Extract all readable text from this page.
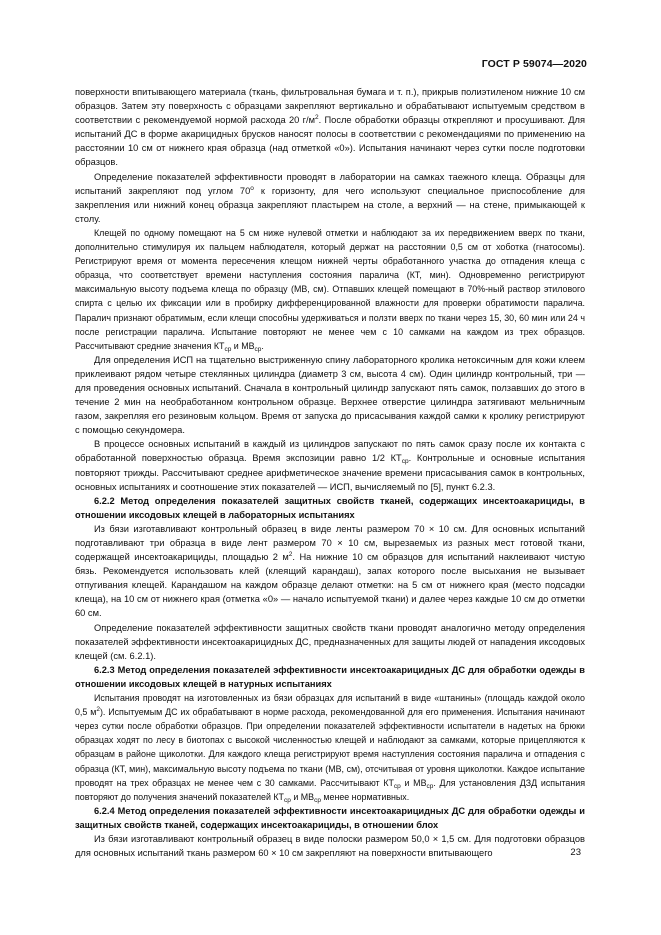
ГОСТ Р 59074—2020

поверхности впитывающего материала (ткань, фильтровальная бумага и т. п.), прикрыв полиэтиленом нижние 10 см образцов. Затем эту поверхность с образцами закрепляют вертикально и обрабатывают испытуемым средством в соответствии с рекомендуемой нормой расхода 20 $г/м^2$. После обработки образцы открепляют и просушивают. Для испытаний ДС в форме акарицидных брусков наносят полосы в соответствии с рекомендациями по применению на расстоянии 10 см от нижнего края образца (над отметкой «0»). Испытания начинают через сутки после подготовки образцов.

Определение показателей эффективности проводят в лаборатории на самках таежного клеща. Образцы для испытаний закрепляют под углом $70^о$ к горизонту, для чего используют специальное приспособление для закрепления или нижний конец образца закрепляют пластырем на столе, а верхний — на стене, примыкающей к столу.

Клещей по одному помещают на 5 см ниже нулевой отметки и наблюдают за их передвижением вверх по ткани, дополнительно стимулируя их пальцем наблюдателя, который держат на расстоянии 0,5 см от хоботка (гнатосомы). Регистрируют время от момента пересечения клещом нижней черты обработанного участка до отпадения клеща с образца, что соответствует времени наступления состояния паралича (КТ, мин). Одновременно регистрируют максимальную высоту подъема клеща по образцу (МВ, см). Отпавших клещей помещают в 70%-ный раствор этилового спирта с целью их фиксации или в пробирку дифференцированной влажности для проверки обратимости паралича. Паралич признают обратимым, если клещи способны удерживаться и ползти вверх по ткани через 15, 30, 60 мин или 24 ч после регистрации паралича. Испытание повторяют не менее чем с 10 самками на каждом из трех образцов. Рассчитывают средние значения $КТ_{ср}$ и $МВ_{ср}$.

Для определения ИСП на тщательно выстриженную спину лабораторного кролика нетоксичным для кожи клеем приклеивают рядом четыре стеклянных цилиндра (диаметр 3 см, высота 4 см). Один цилиндр контрольный, три — для проведения основных испытаний. Сначала в контрольный цилиндр запускают пять самок, ползавших до этого в течение 2 мин на необработанном контрольном образце. Верхнее отверстие цилиндра затягивают мельничным газом, закрепляя его резиновым кольцом. Время от запуска до присасывания каждой самки к кролику регистрируют с помощью секундомера.

В процессе основных испытаний в каждый из цилиндров запускают по пять самок сразу после их контакта с обработанной поверхностью образца. Время экспозиции равно 1/2 $КТ_{ср}$. Контрольные и основные испытания повторяют трижды. Рассчитывают среднее арифметическое значение времени присасывания самок в контрольных, основных испытаниях и соотношение этих показателей — ИСП, вычисляемый по [5], пункт 6.2.3.

6.2.2 Метод определения показателей защитных свойств тканей, содержащих инсектоакарициды, в отношении иксодовых клещей в лабораторных испытаниях

Из бязи изготавливают контрольный образец в виде ленты размером 70 × 10 см. Для основных испытаний подготавливают три образца в виде лент размером 70 × 10 см, вырезаемых из разных мест готовой ткани, содержащей инсектоакарициды, площадью 2 $м^2$. На нижние 10 см образцов для испытаний наклеивают чистую бязь. Рекомендуется использовать клей (клеящий карандаш), запах которого после высыхания не вызывает отпугивания клещей. Карандашом на каждом образце делают отметки: на 5 см от нижнего края (место подсадки клеща), на 10 см от нижнего края (отметка «0» — начало испытуемой ткани) и далее через каждые 10 см до отметки 60 см.

Определение показателей эффективности защитных свойств ткани проводят аналогично методу определения показателей эффективности инсектоакарицидных ДС, предназначенных для защиты людей от нападения иксодовых клещей (см. 6.2.1).

6.2.3 Метод определения показателей эффективности инсектоакарицидных ДС для обработки одежды в отношении иксодовых клещей в натурных испытаниях

Испытания проводят на изготовленных из бязи образцах для испытаний в виде «штанины» (площадь каждой около 0,5 $м^2$). Испытуемым ДС их обрабатывают в норме расхода, рекомендованной для его применения. Испытания начинают через сутки после обработки образцов. При определении показателей эффективности испытатели в надетых на брюки образцах ходят по лесу в биотопах с высокой численностью клещей и наблюдают за самками, которые прицепляются к образцам в районе щиколотки. Для каждого клеща регистрируют время наступления состояния паралича и отпадения с образца (КТ, мин), максимальную высоту подъема по ткани (МВ, см), отсчитывая от уровня щиколотки. Каждое испытание проводят на трех образцах не менее чем с 30 самками. Рассчитывают $КТ_{ср}$ и $МВ_{ср}$. Для установления ДЗД испытания повторяют до получения значений показателей $КТ_{ср}$ и $МВ_{ср}$ менее нормативных.

6.2.4 Метод определения показателей эффективности инсектоакарицидных ДС для обработки одежды и защитных свойств тканей, содержащих инсектоакарициды, в отношении блох

Из бязи изготавливают контрольный образец в виде полоски размером 50,0 × 1,5 см. Для подготовки образцов для основных испытаний ткань размером 60 × 10 см закрепляют на поверхности впитывающего	23
